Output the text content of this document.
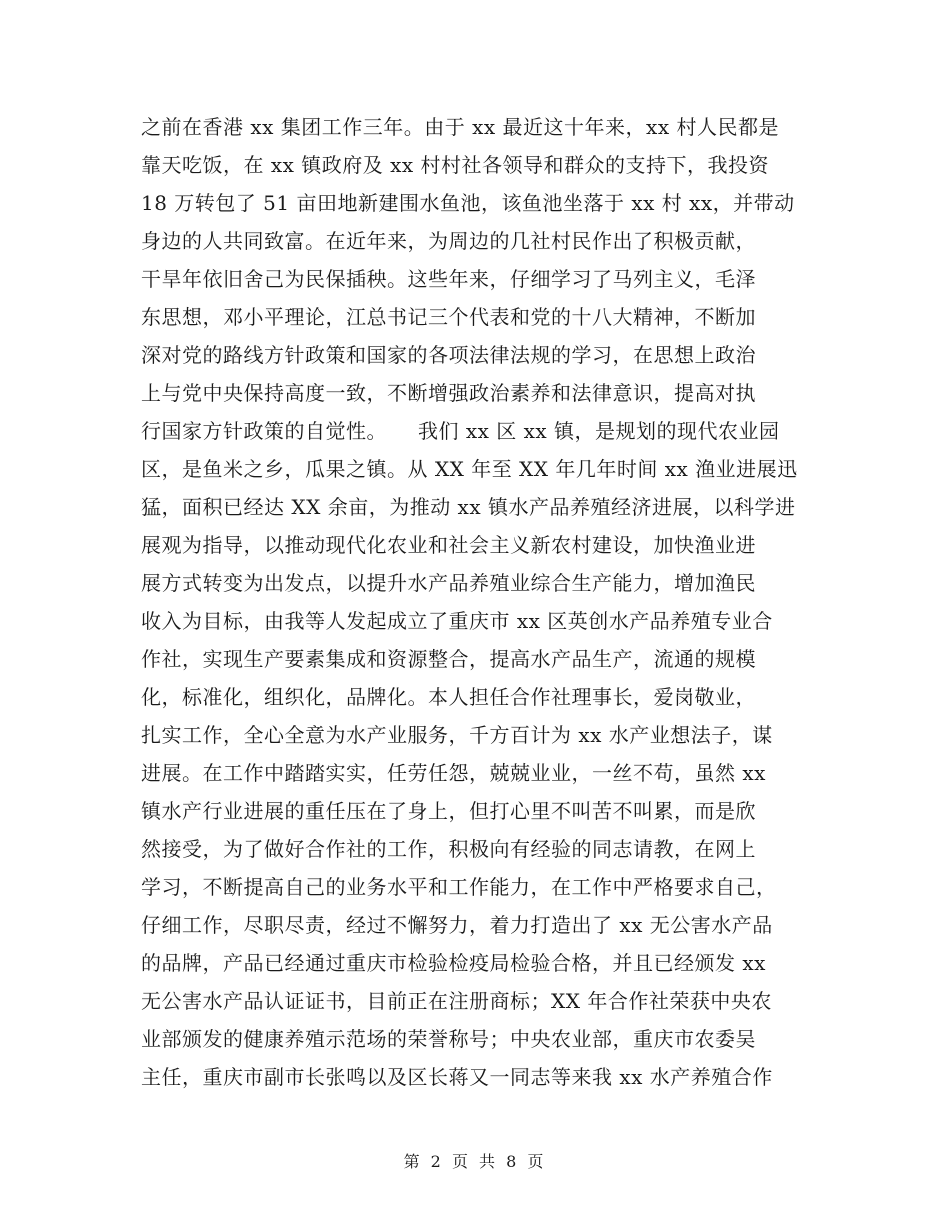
之前在香港 xx 集团工作三年。由于 xx 最近这十年来，xx 村人民都是
靠天吃饭，在 xx 镇政府及 xx 村村社各领导和群众的支持下，我投资
18 万转包了 51 亩田地新建围水鱼池，该鱼池坐落于 xx 村 xx，并带动
身边的人共同致富。在近年来，为周边的几社村民作出了积极贡献，
干旱年依旧舍己为民保插秧。这些年来，仔细学习了马列主义，毛泽
东思想，邓小平理论，江总书记三个代表和党的十八大精神，不断加
深对党的路线方针政策和国家的各项法律法规的学习，在思想上政治
上与党中央保持高度一致，不断增强政治素养和法律意识，提高对执
行国家方针政策的自觉性。　　我们 xx 区 xx 镇，是规划的现代农业园
区，是鱼米之乡，瓜果之镇。从 XX 年至 XX 年几年时间 xx 渔业进展迅
猛，面积已经达 XX 余亩，为推动 xx 镇水产品养殖经济进展，以科学进
展观为指导，以推动现代化农业和社会主义新农村建设，加快渔业进
展方式转变为出发点，以提升水产品养殖业综合生产能力，增加渔民
收入为目标，由我等人发起成立了重庆市 xx 区英创水产品养殖专业合
作社，实现生产要素集成和资源整合，提高水产品生产，流通的规模
化，标准化，组织化，品牌化。本人担任合作社理事长，爱岗敬业，
扎实工作，全心全意为水产业服务，千方百计为 xx 水产业想法子，谋
进展。在工作中踏踏实实，任劳任怨，兢兢业业，一丝不苟，虽然 xx
镇水产行业进展的重任压在了身上，但打心里不叫苦不叫累，而是欣
然接受，为了做好合作社的工作，积极向有经验的同志请教，在网上
学习，不断提高自己的业务水平和工作能力，在工作中严格要求自己，
仔细工作，尽职尽责，经过不懈努力，着力打造出了 xx 无公害水产品
的品牌，产品已经通过重庆市检验检疫局检验合格，并且已经颁发 xx
无公害水产品认证证书，目前正在注册商标；XX 年合作社荣获中央农
业部颁发的健康养殖示范场的荣誉称号；中央农业部，重庆市农委吴
主任，重庆市副市长张鸣以及区长蒋又一同志等来我 xx 水产养殖合作
第 2 页 共 8 页
